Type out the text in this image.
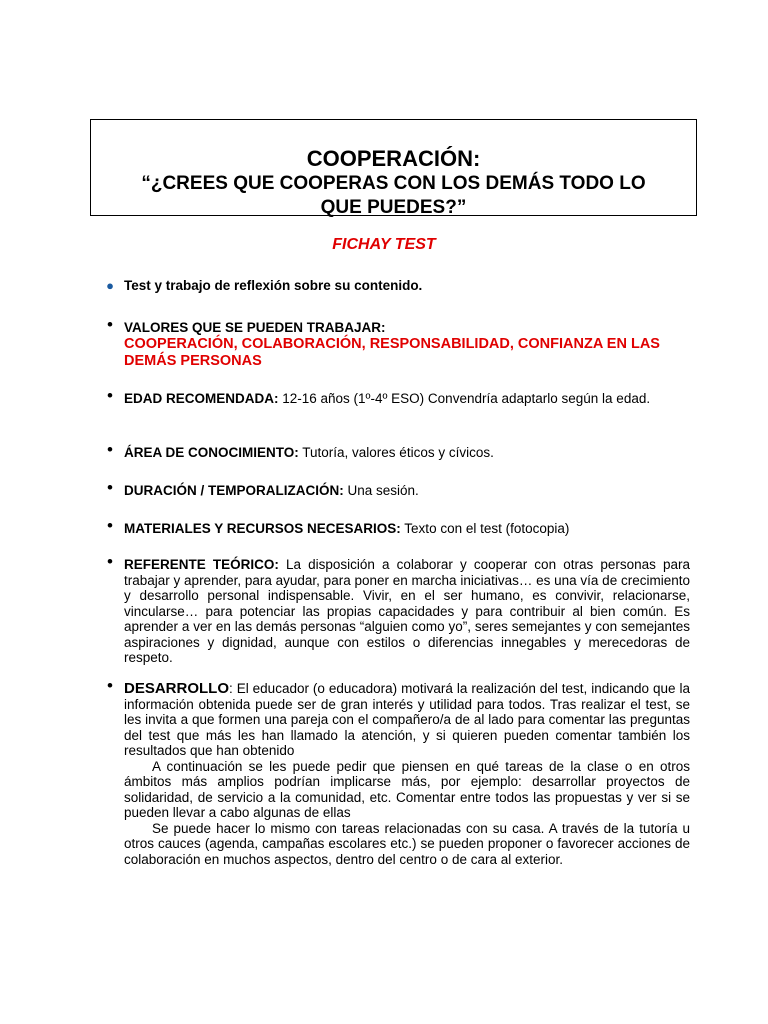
COOPERACIÓN:
“¿CREES QUE COOPERAS CON LOS DEMÁS TODO LO
QUE PUEDES?”
FICHAY TEST
● Test y trabajo de reflexión sobre su contenido.
• VALORES QUE SE PUEDEN TRABAJAR:
COOPERACIÓN, COLABORACIÓN, RESPONSABILIDAD, CONFIANZA EN LAS DEMÁS PERSONAS
• EDAD RECOMENDADA: 12-16 años (1º-4º ESO) Convendría adaptarlo según la edad.
• ÁREA DE CONOCIMIENTO: Tutoría, valores éticos y cívicos.
• DURACIÓN / TEMPORALIZACIÓN: Una sesión.
• MATERIALES Y RECURSOS NECESARIOS: Texto con el test (fotocopia)
• REFERENTE TEÓRICO: La disposición a colaborar y cooperar con otras personas para trabajar y aprender, para ayudar, para poner en marcha iniciativas… es una vía de crecimiento y desarrollo personal indispensable. Vivir, en el ser humano, es convivir, relacionarse, vincularse… para potenciar las propias capacidades y para contribuir al bien común. Es aprender a ver en las demás personas “alguien como yo”, seres semejantes y con semejantes aspiraciones y dignidad, aunque con estilos o diferencias innegables y merecedoras de respeto.
• DESARROLLO: El educador (o educadora) motivará la realización del test, indicando que la información obtenida puede ser de gran interés y utilidad para todos. Tras realizar el test, se les invita a que formen una pareja con el compañero/a de al lado para comentar las preguntas del test que más les han llamado la atención, y si quieren pueden comentar también los resultados que han obtenido
A continuación se les puede pedir que piensen en qué tareas de la clase o en otros ámbitos más amplios podrían implicarse más, por ejemplo: desarrollar proyectos de solidaridad, de servicio a la comunidad, etc. Comentar entre todos las propuestas y ver si se pueden llevar a cabo algunas de ellas
Se puede hacer lo mismo con tareas relacionadas con su casa. A través de la tutoría u otros cauces (agenda, campañas escolares etc.) se pueden proponer o favorecer acciones de colaboración en muchos aspectos, dentro del centro o de cara al exterior.
